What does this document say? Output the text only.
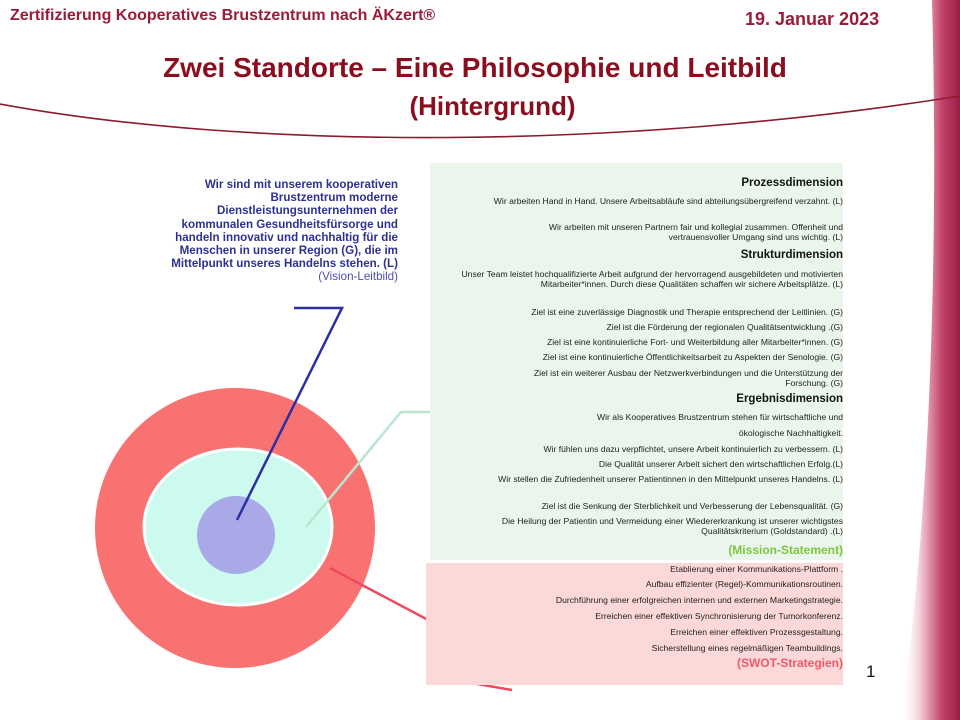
Zertifizierung Kooperatives Brustzentrum nach ÄKzert®	19. Januar 2023
Zwei Standorte – Eine Philosophie und Leitbild
(Hintergrund)
Wir sind mit unserem kooperativen Brustzentrum moderne Dienstleistungsunternehmen der kommunalen Gesundheitsfürsorge und handeln innovativ und nachhaltig für die Menschen in unserer Region (G), die im Mittelpunkt unseres Handelns stehen. (L) (Vision-Leitbild)
Prozessdimension
Wir arbeiten Hand in Hand. Unsere Arbeitsabläufe sind abteilungsübergreifend verzahnt. (L)
Wir arbeiten mit unseren Partnern fair und kollegial zusammen. Offenheit und vertrauensvoller Umgang sind uns wichtig. (L)
Strukturdimension
Unser Team leistet hochqualifizierte Arbeit aufgrund der hervorragend ausgebildeten und motivierten Mitarbeiter*innen. Durch diese Qualitäten schaffen wir sichere Arbeitsplätze. (L)
Ziel ist eine zuverlässige Diagnostik und Therapie entsprechend der Leitlinien. (G)
Ziel ist die Förderung der regionalen Qualitätsentwicklung .(G)
Ziel ist eine kontinuierliche Fort- und Weiterbildung aller Mitarbeiter*innen. (G)
Ziel ist eine kontinuierliche Öffentlichkeitsarbeit zu Aspekten der Senologie. (G)
Ziel ist ein weiterer Ausbau der Netzwerkverbindungen und die Unterstützung der Forschung. (G)
Ergebnisdimension
Wir als Kooperatives Brustzentrum stehen für wirtschaftliche und
ökologische Nachhaltigkeit.
Wir fühlen uns dazu verpflichtet, unsere Arbeit kontinuierlich zu verbessern. (L)
Die Qualität unserer Arbeit sichert den wirtschaftlichen Erfolg.(L)
Wir stellen die Zufriedenheit unserer Patientinnen in den Mittelpunkt unseres Handelns. (L)
Ziel ist die Senkung der Sterblichkeit und Verbesserung der Lebensqualität. (G)
Die Heilung der Patientin und Vermeidung einer Wiedererkrankung ist unserer wichtigstes Qualitätskriterium (Goldstandard) .(L)
(Mission-Statement)
Etablierung einer Kommunikations-Plattform .
Aufbau effizienter (Regel)-Kommunikationsroutinen.
Durchführung einer erfolgreichen internen und externen Marketingstrategie.
Erreichen einer effektiven Synchronisierung der Tumorkonferenz.
Erreichen einer effektiven Prozessgestaltung.
Sicherstellung eines regelmäßigen Teambuildings.
(SWOT-Strategien) 1
